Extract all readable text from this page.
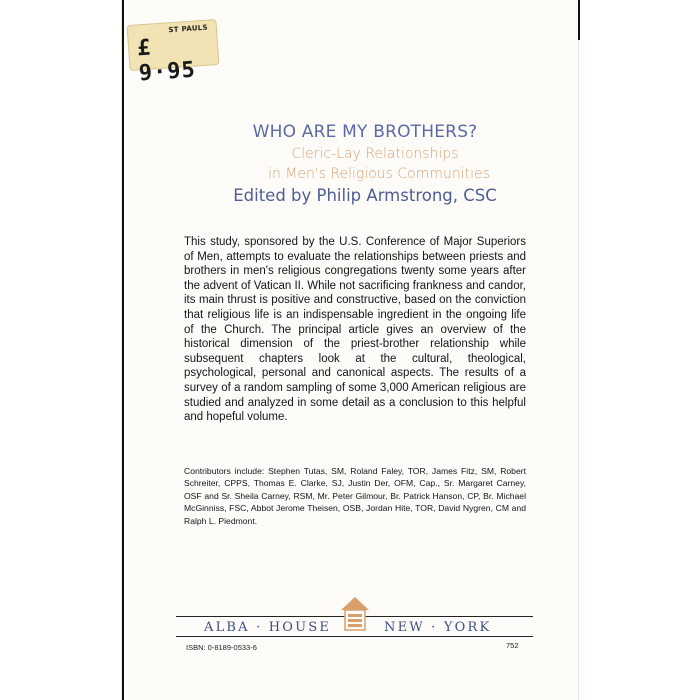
ST PAULS
£ 9·95
WHO ARE MY BROTHERS?
Cleric-Lay Relationships
in Men's Religious Communities
Edited by Philip Armstrong, CSC
This study, sponsored by the U.S. Conference of Major Superiors of Men, attempts to evaluate the relationships between priests and brothers in men's religious congregations twenty some years after the advent of Vatican II. While not sacrificing frankness and candor, its main thrust is positive and constructive, based on the conviction that religious life is an indispensable ingredient in the ongoing life of the Church. The principal article gives an overview of the historical dimension of the priest-brother relationship while subsequent chapters look at the cultural, theological, psychological, personal and canonical aspects. The results of a survey of a random sampling of some 3,000 American religious are studied and analyzed in some detail as a conclusion to this helpful and hopeful volume.
Contributors include: Stephen Tutas, SM, Roland Faley, TOR, James Fitz, SM, Robert Schreiter, CPPS, Thomas E. Clarke, SJ, Justin Der, OFM, Cap., Sr. Margaret Carney, OSF and Sr. Sheila Carney, RSM, Mr. Peter Gilmour, Br. Patrick Hanson, CP, Br. Michael McGinniss, FSC, Abbot Jerome Theisen, OSB, Jordan Hite, TOR, David Nygren, CM and Ralph L. Piedmont.
ALBA · HOUSE	NEW · YORK
ISBN: 0-8189-0533-6	752
